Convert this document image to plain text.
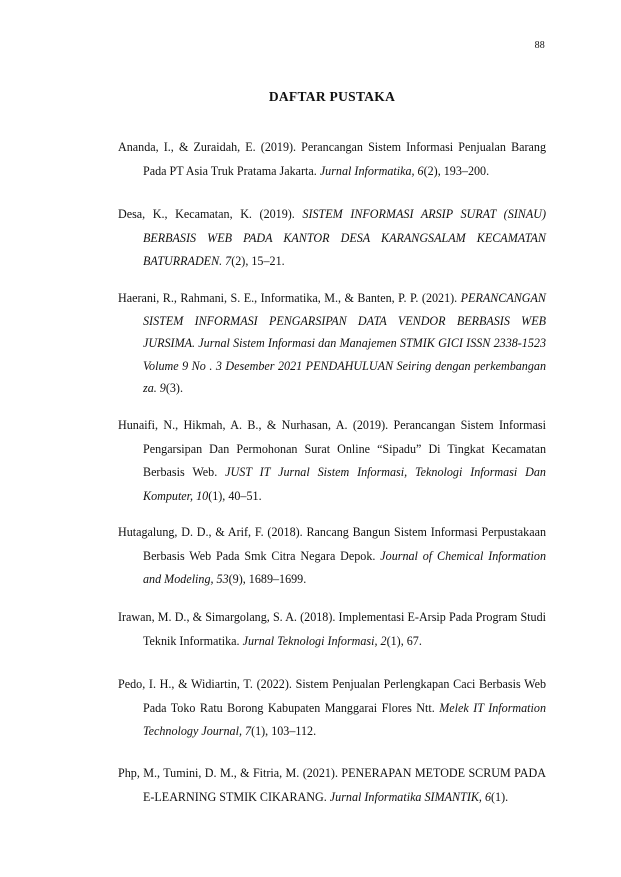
88
DAFTAR PUSTAKA
Ananda, I., & Zuraidah, E. (2019). Perancangan Sistem Informasi Penjualan Barang Pada PT Asia Truk Pratama Jakarta. Jurnal Informatika, 6(2), 193–200.
Desa, K., Kecamatan, K. (2019). SISTEM INFORMASI ARSIP SURAT (SINAU) BERBASIS WEB PADA KANTOR DESA KARANGSALAM KECAMATAN BATURRADEN. 7(2), 15–21.
Haerani, R., Rahmani, S. E., Informatika, M., & Banten, P. P. (2021). PERANCANGAN SISTEM INFORMASI PENGARSIPAN DATA VENDOR BERBASIS WEB JURSIMA. Jurnal Sistem Informasi dan Manajemen STMIK GICI ISSN 2338-1523 Volume 9 No . 3 Desember 2021 PENDAHULUAN Seiring dengan perkembangan za. 9(3).
Hunaifi, N., Hikmah, A. B., & Nurhasan, A. (2019). Perancangan Sistem Informasi Pengarsipan Dan Permohonan Surat Online “Sipadu” Di Tingkat Kecamatan Berbasis Web. JUST IT Jurnal Sistem Informasi, Teknologi Informasi Dan Komputer, 10(1), 40–51.
Hutagalung, D. D., & Arif, F. (2018). Rancang Bangun Sistem Informasi Perpustakaan Berbasis Web Pada Smk Citra Negara Depok. Journal of Chemical Information and Modeling, 53(9), 1689–1699.
Irawan, M. D., & Simargolang, S. A. (2018). Implementasi E-Arsip Pada Program Studi Teknik Informatika. Jurnal Teknologi Informasi, 2(1), 67.
Pedo, I. H., & Widiartin, T. (2022). Sistem Penjualan Perlengkapan Caci Berbasis Web Pada Toko Ratu Borong Kabupaten Manggarai Flores Ntt. Melek IT Information Technology Journal, 7(1), 103–112.
Php, M., Tumini, D. M., & Fitria, M. (2021). PENERAPAN METODE SCRUM PADA E-LEARNING STMIK CIKARANG. Jurnal Informatika SIMANTIK, 6(1).
